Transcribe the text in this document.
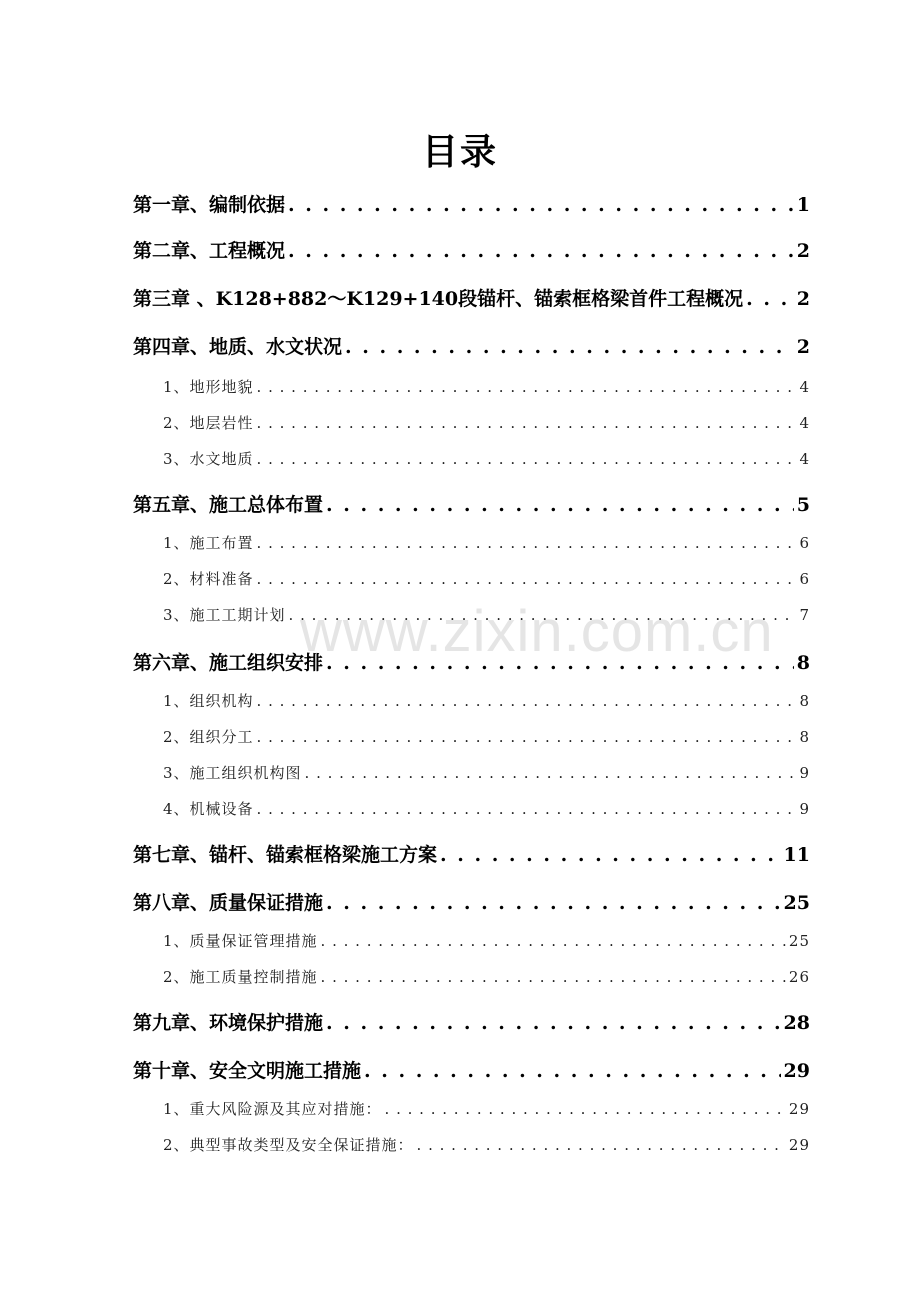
目录
www.zixin.com.cn
第一章、编制依据 . . .	1
第二章、工程概况 . . .	2
第三章 、K128+882～K129+140段锚杆、锚索框格梁首件工程概况 . . .	2
第四章、地质、水文状况 . . .	2
1、地形地貌 . . .	4
2、地层岩性 . . .	4
3、水文地质 . . .	4
第五章、施工总体布置 . . .	5
1、施工布置 . . .	6
2、材料准备 . . .	6
3、施工工期计划 . . .	7
第六章、施工组织安排 . . .	8
1、组织机构 . . .	8
2、组织分工 . . .	8
3、施工组织机构图 . . .	9
4、机械设备 . . .	9
第七章、锚杆、锚索框格梁施工方案 . . .	11
第八章、质量保证措施 . . .	25
1、质量保证管理措施 . . .	25
2、施工质量控制措施 . . .	26
第九章、环境保护措施 . . .	28
第十章、安全文明施工措施 . . .	29
1、重大风险源及其应对措施： . . .	29
2、典型事故类型及安全保证措施： . . .	29
